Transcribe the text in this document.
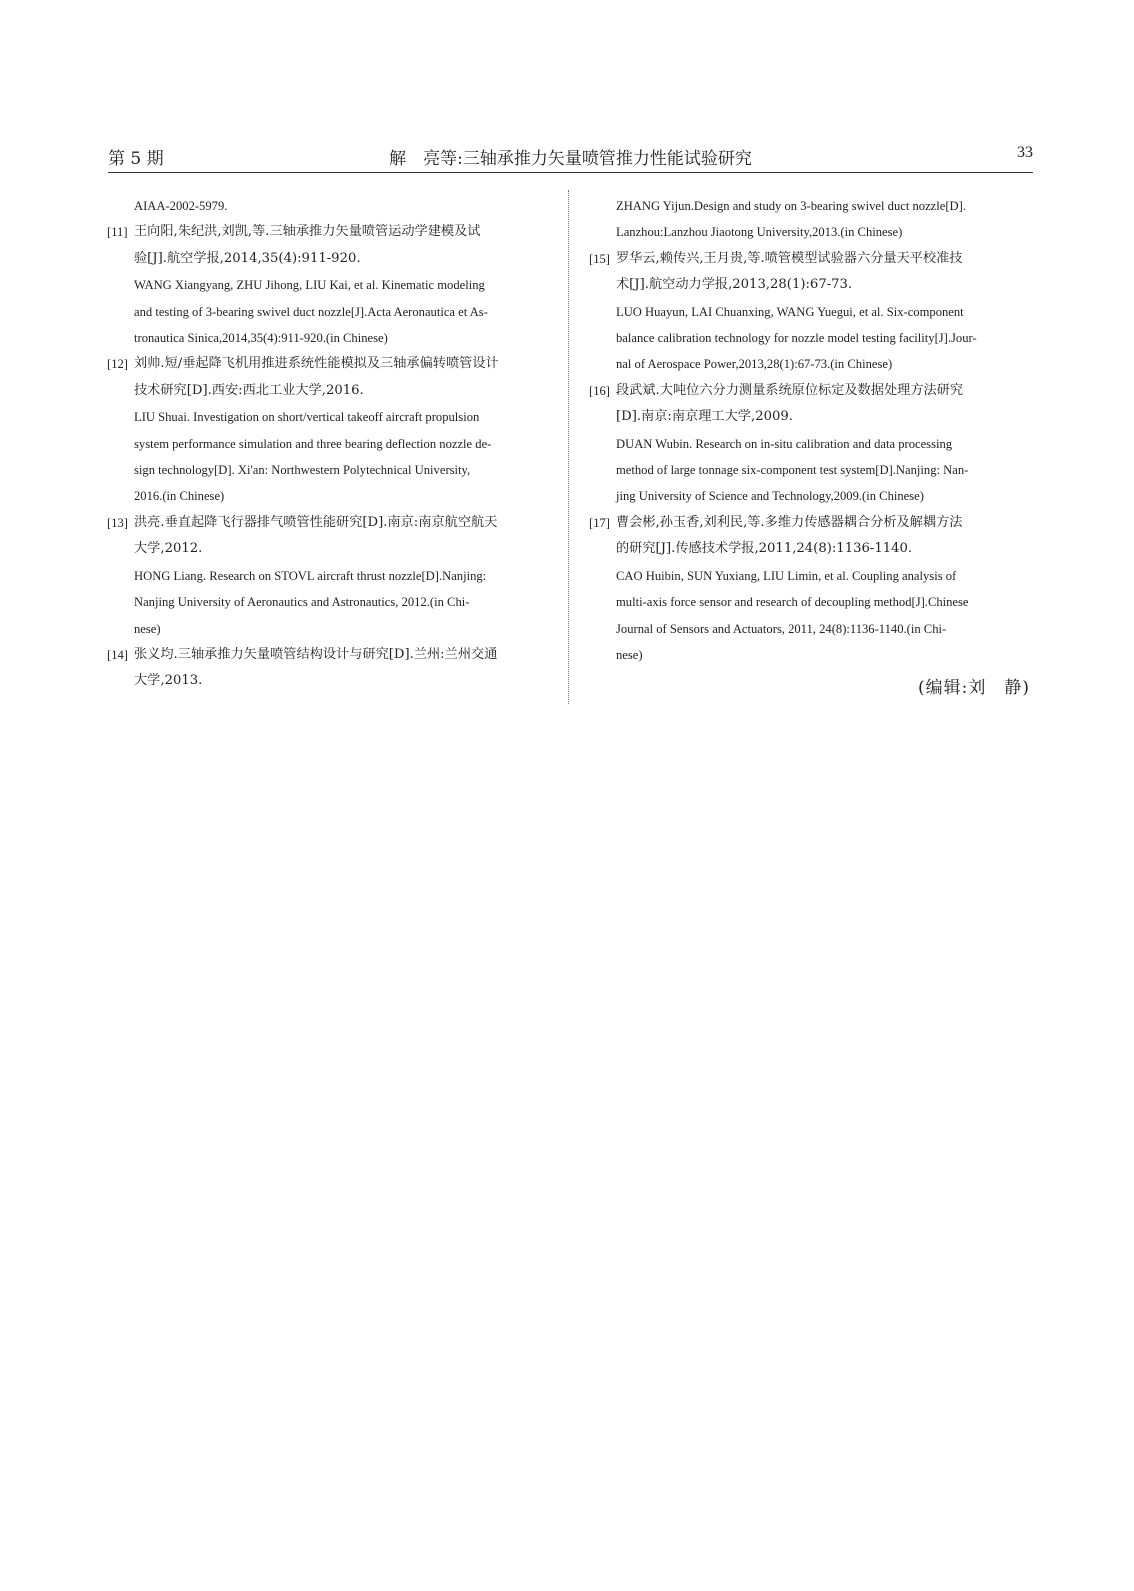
第 5 期	解　亮等:三轴承推力矢量喷管推力性能试验研究	33
AIAA-2002-5979.
[11] 王向阳,朱纪洪,刘凯,等.三轴承推力矢量喷管运动学建模及试
验[J].航空学报,2014,35(4):911-920.
WANG Xiangyang, ZHU Jihong, LIU Kai, et al. Kinematic modeling
and testing of 3-bearing swivel duct nozzle[J].Acta Aeronautica et As-
tronautica Sinica,2014,35(4):911-920.(in Chinese)
[12] 刘帅.短/垂起降飞机用推进系统性能模拟及三轴承偏转喷管设计
技术研究[D].西安:西北工业大学,2016.
LIU Shuai. Investigation on short/vertical takeoff aircraft propulsion
system performance simulation and three bearing deflection nozzle de-
sign technology[D]. Xi'an: Northwestern Polytechnical University,
2016.(in Chinese)
[13] 洪亮.垂直起降飞行器排气喷管性能研究[D].南京:南京航空航天
大学,2012.
HONG Liang. Research on STOVL aircraft thrust nozzle[D].Nanjing:
Nanjing University of Aeronautics and Astronautics, 2012.(in Chi-
nese)
[14] 张义均.三轴承推力矢量喷管结构设计与研究[D].兰州:兰州交通
大学,2013.
ZHANG Yijun.Design and study on 3-bearing swivel duct nozzle[D].
Lanzhou:Lanzhou Jiaotong University,2013.(in Chinese)
[15] 罗华云,赖传兴,王月贵,等.喷管模型试验器六分量天平校准技
术[J].航空动力学报,2013,28(1):67-73.
LUO Huayun, LAI Chuanxing, WANG Yuegui, et al. Six-component
balance calibration technology for nozzle model testing facility[J].Jour-
nal of Aerospace Power,2013,28(1):67-73.(in Chinese)
[16] 段武斌.大吨位六分力测量系统原位标定及数据处理方法研究
[D].南京:南京理工大学,2009.
DUAN Wubin. Research on in-situ calibration and data processing
method of large tonnage six-component test system[D].Nanjing: Nan-
jing University of Science and Technology,2009.(in Chinese)
[17] 曹会彬,孙玉香,刘利民,等.多维力传感器耦合分析及解耦方法
的研究[J].传感技术学报,2011,24(8):1136-1140.
CAO Huibin, SUN Yuxiang, LIU Limin, et al. Coupling analysis of
multi-axis force sensor and research of decoupling method[J].Chinese
Journal of Sensors and Actuators, 2011, 24(8):1136-1140.(in Chi-
nese)
(编辑:刘　静)
